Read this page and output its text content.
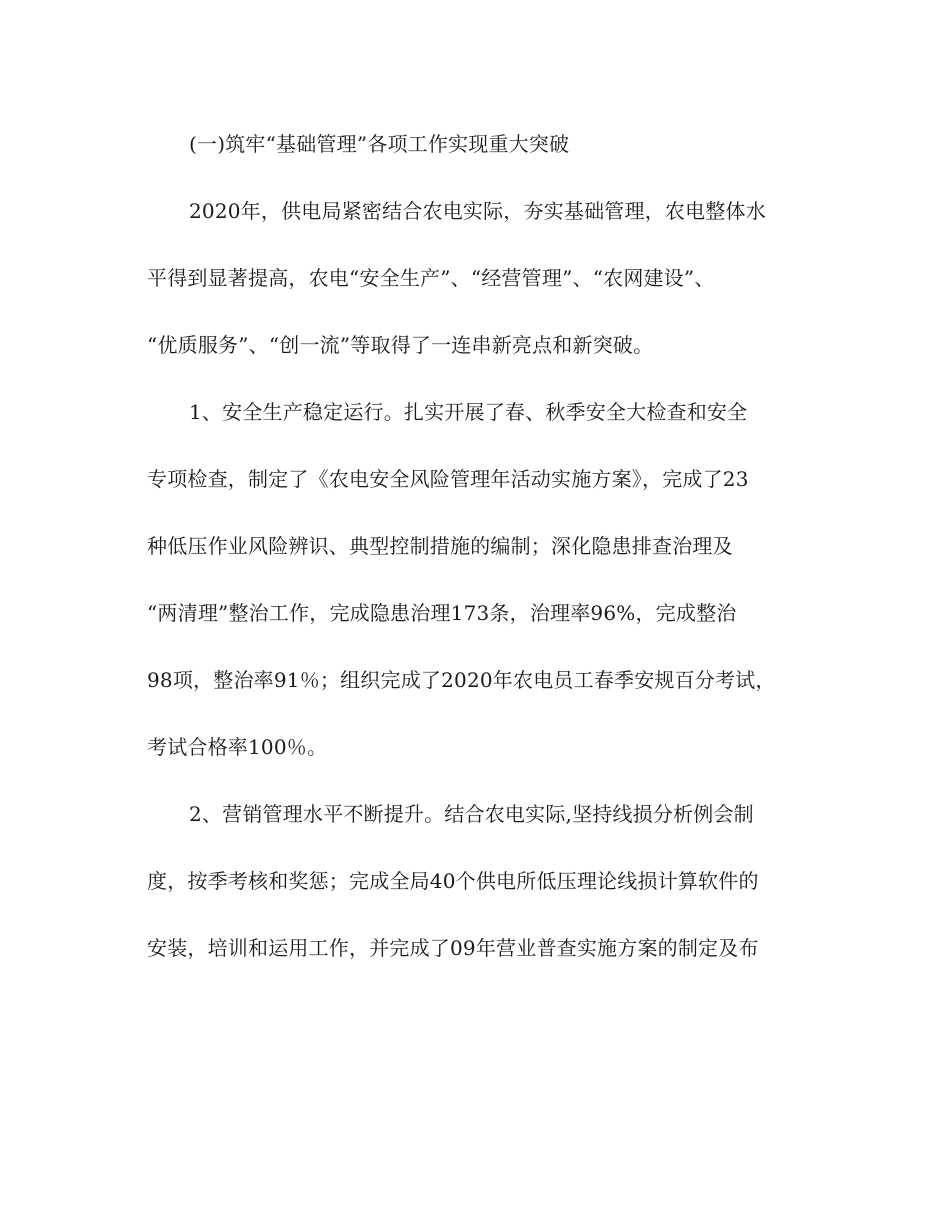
(一)筑牢“基础管理”各项工作实现重大突破
2020年，供电局紧密结合农电实际，夯实基础管理，农电整体水
平得到显著提高，农电“安全生产”、“经营管理”、“农网建设”、
“优质服务”、“创一流”等取得了一连串新亮点和新突破。
1、安全生产稳定运行。扎实开展了春、秋季安全大检查和安全
专项检查，制定了《农电安全风险管理年活动实施方案》，完成了23
种低压作业风险辨识、典型控制措施的编制；深化隐患排查治理及
“两清理”整治工作，完成隐患治理173条，治理率96%，完成整治
98项，整治率91％；组织完成了2020年农电员工春季安规百分考试，
考试合格率100％。
2、营销管理水平不断提升。结合农电实际,坚持线损分析例会制
度，按季考核和奖惩；完成全局40个供电所低压理论线损计算软件的
安装，培训和运用工作，并完成了09年营业普查实施方案的制定及布
